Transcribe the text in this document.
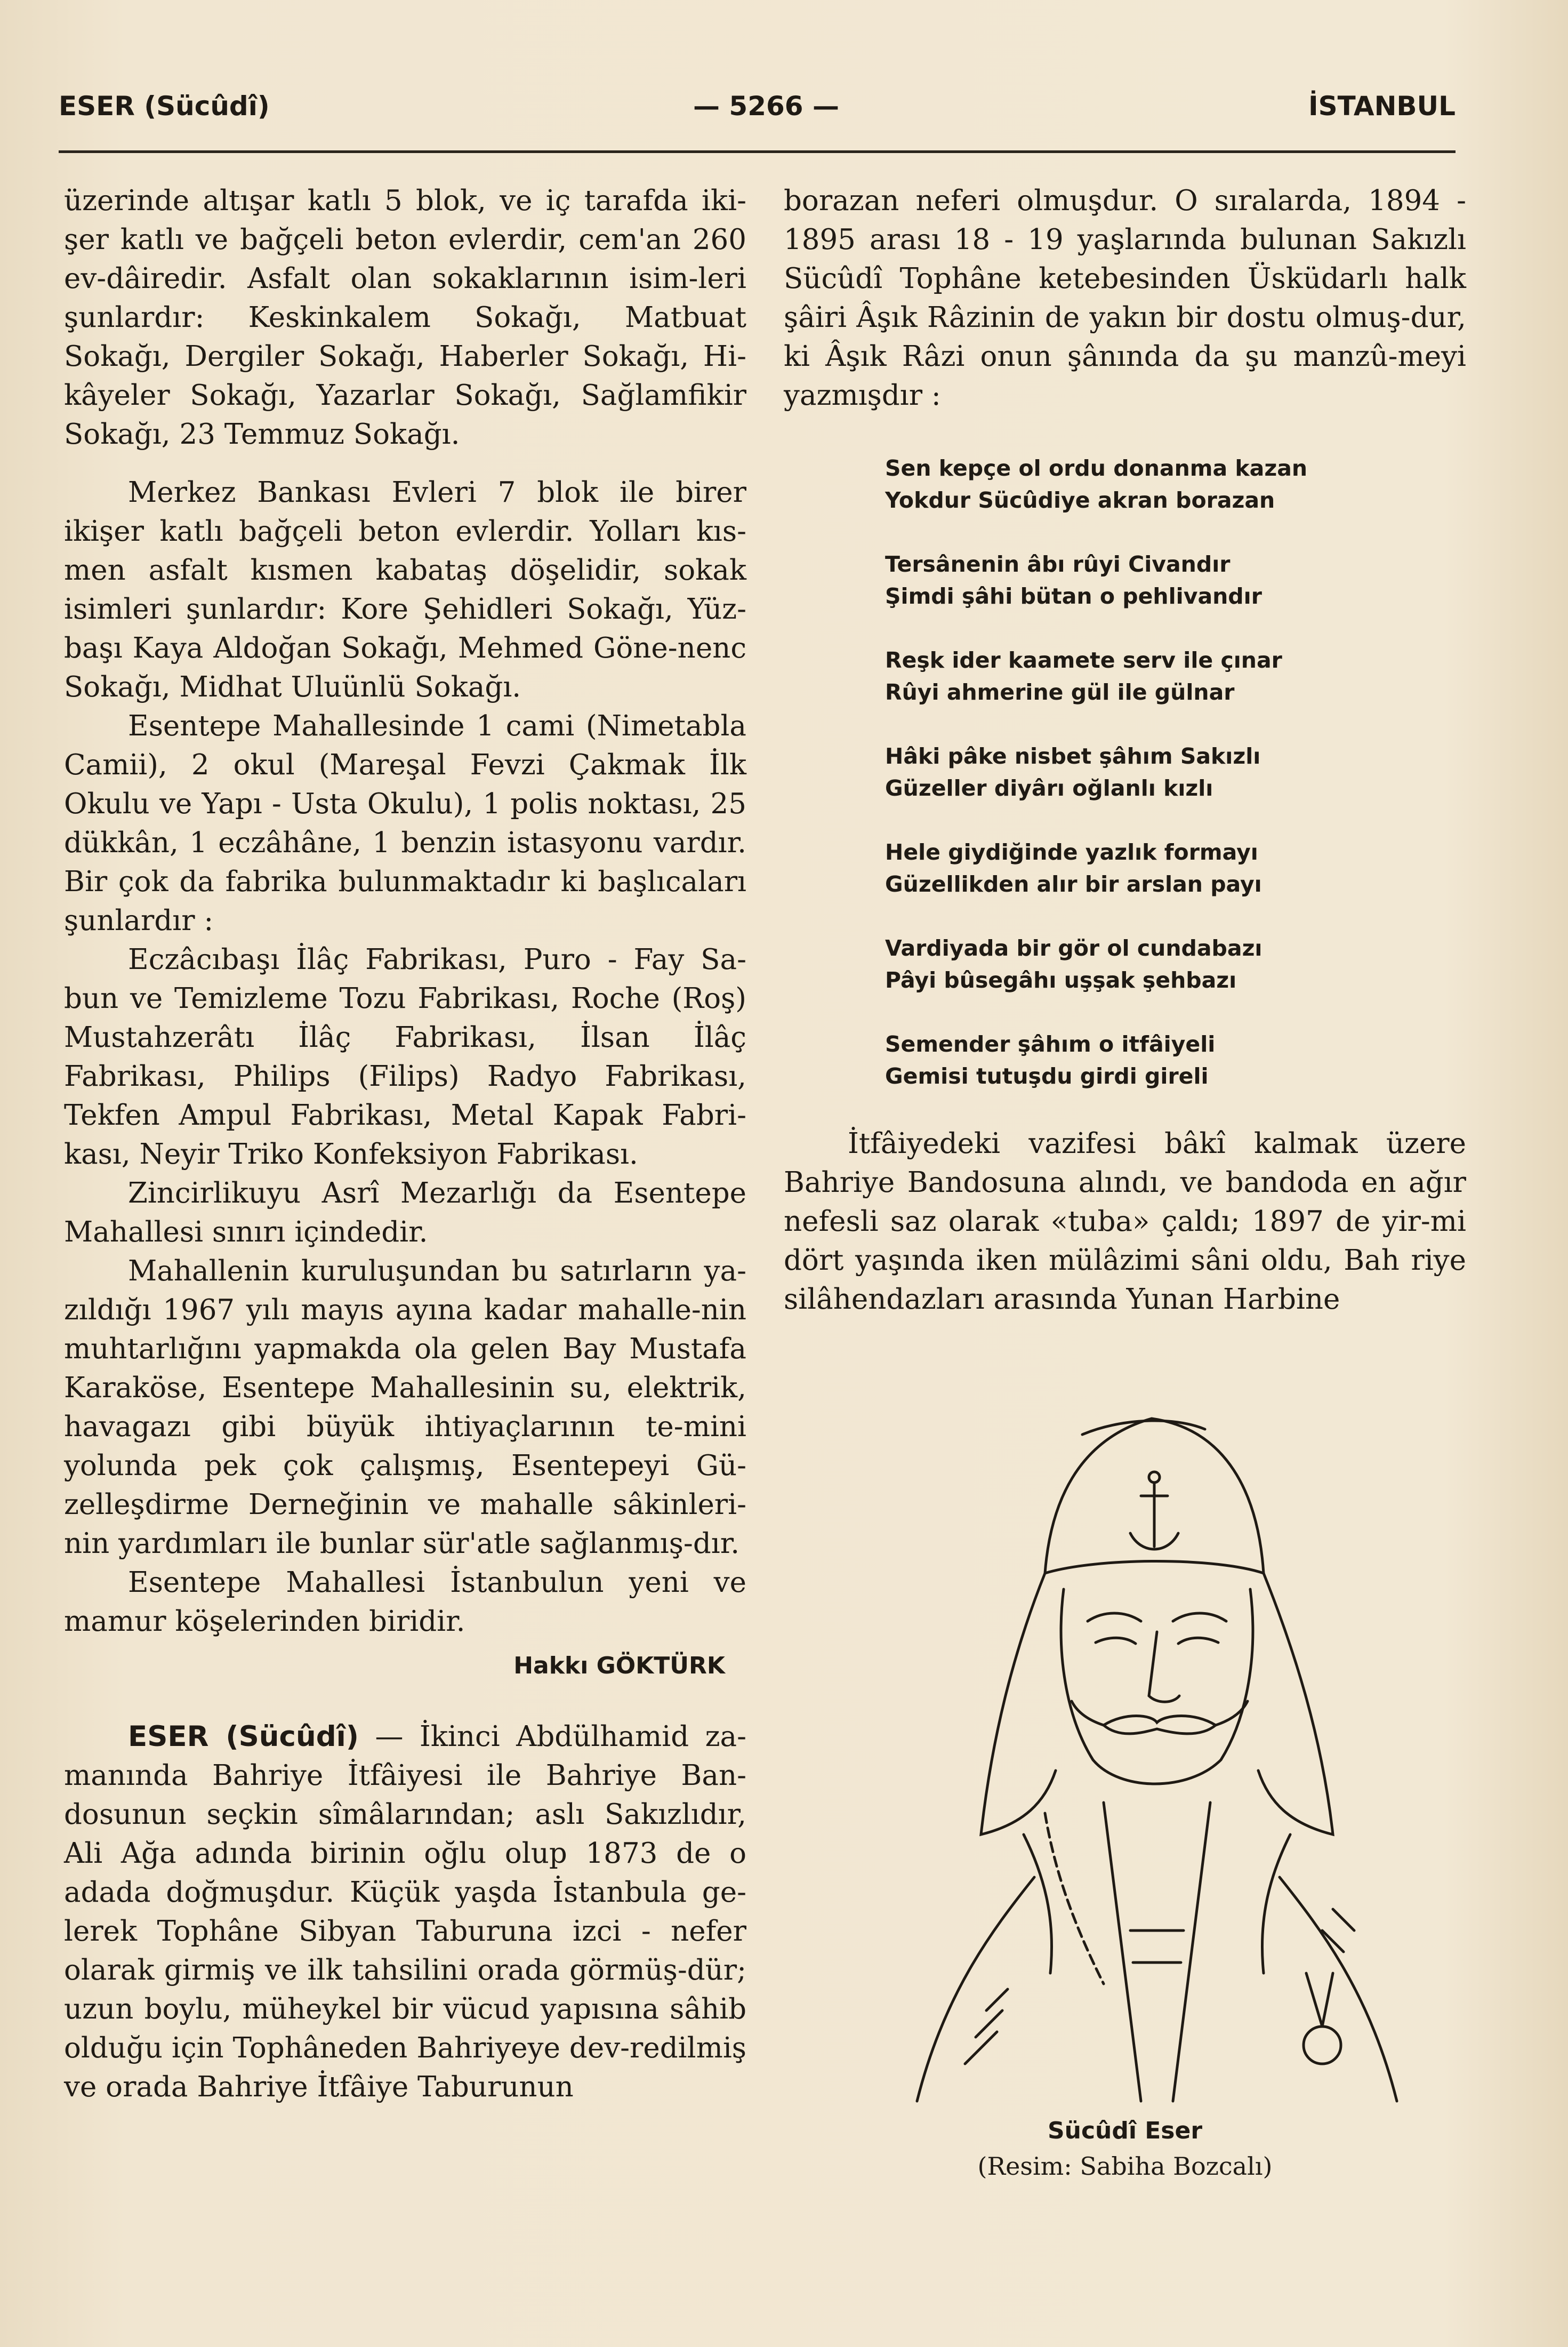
ESER (Sücûdî)	— 5266 —	İSTANBUL

üzerinde altışar katlı 5 blok, ve iç tarafda iki-şer katlı ve bağçeli beton evlerdir, cem'an 260 ev-dâiredir. Asfalt olan sokaklarının isim-leri şunlardır: Keskinkalem Sokağı, Matbuat Sokağı, Dergiler Sokağı, Haberler Sokağı, Hi-kâyeler Sokağı, Yazarlar Sokağı, Sağlamfikir Sokağı, 23 Temmuz Sokağı.

Merkez Bankası Evleri 7 blok ile birer ikişer katlı bağçeli beton evlerdir. Yolları kıs-men asfalt kısmen kabataş döşelidir, sokak isimleri şunlardır: Kore Şehidleri Sokağı, Yüz-başı Kaya Aldoğan Sokağı, Mehmed Göne-nenc Sokağı, Midhat Uluünlü Sokağı.

Esentepe Mahallesinde 1 cami (Nimetabla Camii), 2 okul (Mareşal Fevzi Çakmak İlk Okulu ve Yapı - Usta Okulu), 1 polis noktası, 25 dükkân, 1 eczâhâne, 1 benzin istasyonu vardır. Bir çok da fabrika bulunmaktadır ki başlıcaları şunlardır :

Eczâcıbaşı İlâç Fabrikası, Puro - Fay Sa-bun ve Temizleme Tozu Fabrikası, Roche (Roş) Mustahzerâtı İlâç Fabrikası, İlsan İlâç Fabrikası, Philips (Filips) Radyo Fabrikası, Tekfen Ampul Fabrikası, Metal Kapak Fabri-kası, Neyir Triko Konfeksiyon Fabrikası.

Zincirlikuyu Asrî Mezarlığı da Esentepe Mahallesi sınırı içindedir.

Mahallenin kuruluşundan bu satırların ya-zıldığı 1967 yılı mayıs ayına kadar mahalle-nin muhtarlığını yapmakda ola gelen Bay Mustafa Karaköse, Esentepe Mahallesinin su, elektrik, havagazı gibi büyük ihtiyaçlarının te-mini yolunda pek çok çalışmış, Esentepeyi Gü-zelleşdirme Derneğinin ve mahalle sâkinleri-nin yardımları ile bunlar sür'atle sağlanmış-dır.

Esentepe Mahallesi İstanbulun yeni ve mamur köşelerinden biridir.

Hakkı GÖKTÜRK

ESER (Sücûdî) — İkinci Abdülhamid za-manında Bahriye İtfâiyesi ile Bahriye Ban-dosunun seçkin sîmâlarından; aslı Sakızlıdır, Ali Ağa adında birinin oğlu olup 1873 de o adada doğmuşdur. Küçük yaşda İstanbula ge-lerek Tophâne Sibyan Taburuna izci - nefer olarak girmiş ve ilk tahsilini orada görmüş-dür; uzun boylu, müheykel bir vücud yapısına sâhib olduğu için Tophâneden Bahriyeye dev-redilmiş ve orada Bahriye İtfâiye Taburunun

borazan neferi olmuşdur. O sıralarda, 1894 - 1895 arası 18 - 19 yaşlarında bulunan Sakızlı Sücûdî Tophâne ketebesinden Üsküdarlı halk şâiri Âşık Râzinin de yakın bir dostu olmuş-dur, ki Âşık Râzi onun şânında da şu manzû-meyi yazmışdır :

Sen kepçe ol ordu donanma kazan
Yokdur Sücûdiye akran borazan
Tersânenin âbı rûyi Civandır
Şimdi şâhi bütan o pehlivandır
Reşk ider kaamete serv ile çınar
Rûyi ahmerine gül ile gülnar
Hâki pâke nisbet şâhım Sakızlı
Güzeller diyârı oğlanlı kızlı
Hele giydiğinde yazlık formayı
Güzellikden alır bir arslan payı
Vardiyada bir gör ol cundabazı
Pâyi bûsegâhı uşşak şehbazı
Semender şâhım o itfâiyeli
Gemisi tutuşdu girdi gireli

İtfâiyedeki vazifesi bâkî kalmak üzere Bahriye Bandosuna alındı, ve bandoda en ağır nefesli saz olarak «tuba» çaldı; 1897 de yir-mi dört yaşında iken mülâzimi sâni oldu, Bah riye silâhendazları arasında Yunan Harbine

Sücûdî Eser
(Resim: Sabiha Bozcalı)
